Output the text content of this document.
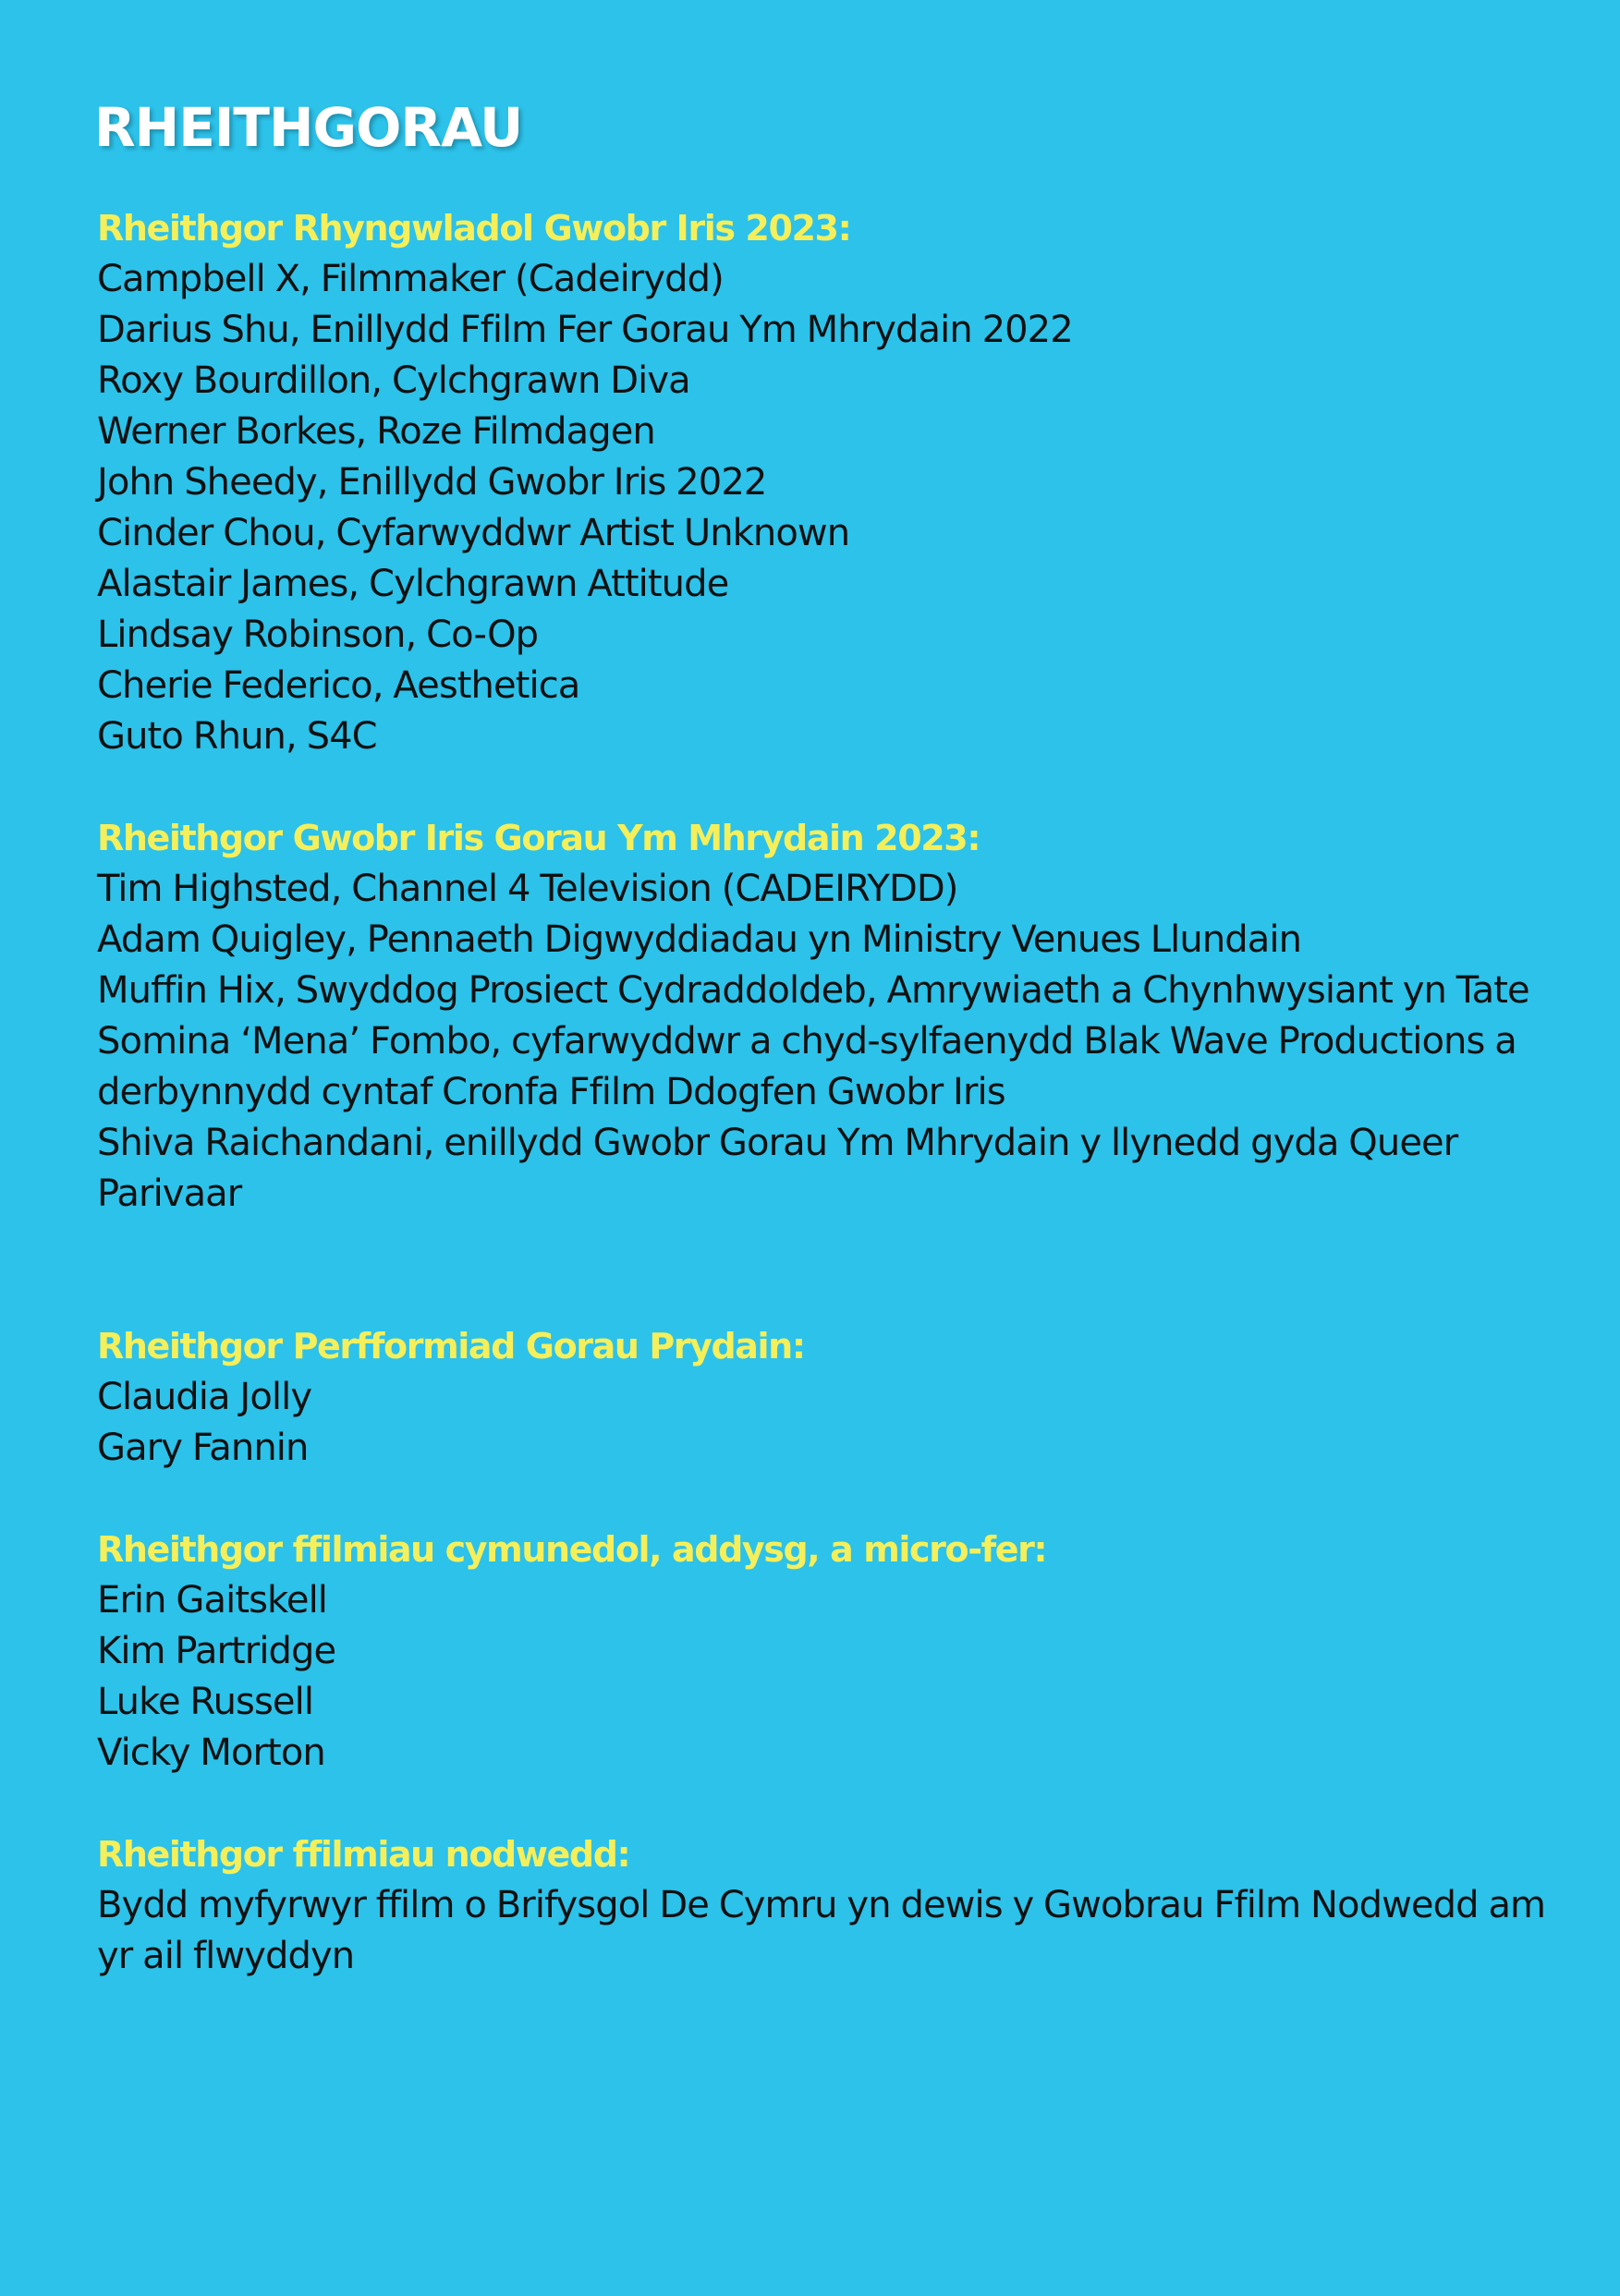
RHEITHGORAU
Rheithgor Rhyngwladol Gwobr Iris 2023:
Campbell X, Filmmaker (Cadeirydd)
Darius Shu, Enillydd Ffilm Fer Gorau Ym Mhrydain 2022
Roxy Bourdillon, Cylchgrawn Diva
Werner Borkes, Roze Filmdagen
John Sheedy, Enillydd Gwobr Iris 2022
Cinder Chou, Cyfarwyddwr Artist Unknown
Alastair James, Cylchgrawn Attitude
Lindsay Robinson, Co-Op
Cherie Federico, Aesthetica
Guto Rhun, S4C
Rheithgor Gwobr Iris Gorau Ym Mhrydain 2023:
Tim Highsted, Channel 4 Television (CADEIRYDD)
Adam Quigley, Pennaeth Digwyddiadau yn Ministry Venues Llundain
Muffin Hix, Swyddog Prosiect Cydraddoldeb, Amrywiaeth a Chynhwysiant yn Tate
Somina ‘Mena’ Fombo, cyfarwyddwr a chyd-sylfaenydd Blak Wave Productions a derbynnydd cyntaf Cronfa Ffilm Ddogfen Gwobr Iris
Shiva Raichandani, enillydd Gwobr Gorau Ym Mhrydain y llynedd gyda Queer Parivaar
Rheithgor Perfformiad Gorau Prydain:
Claudia Jolly
Gary Fannin
Rheithgor ffilmiau cymunedol, addysg, a micro-fer:
Erin Gaitskell
Kim Partridge
Luke Russell
Vicky Morton
Rheithgor ffilmiau nodwedd:
Bydd myfyrwyr ffilm o Brifysgol De Cymru yn dewis y Gwobrau Ffilm Nodwedd am yr ail flwyddyn
